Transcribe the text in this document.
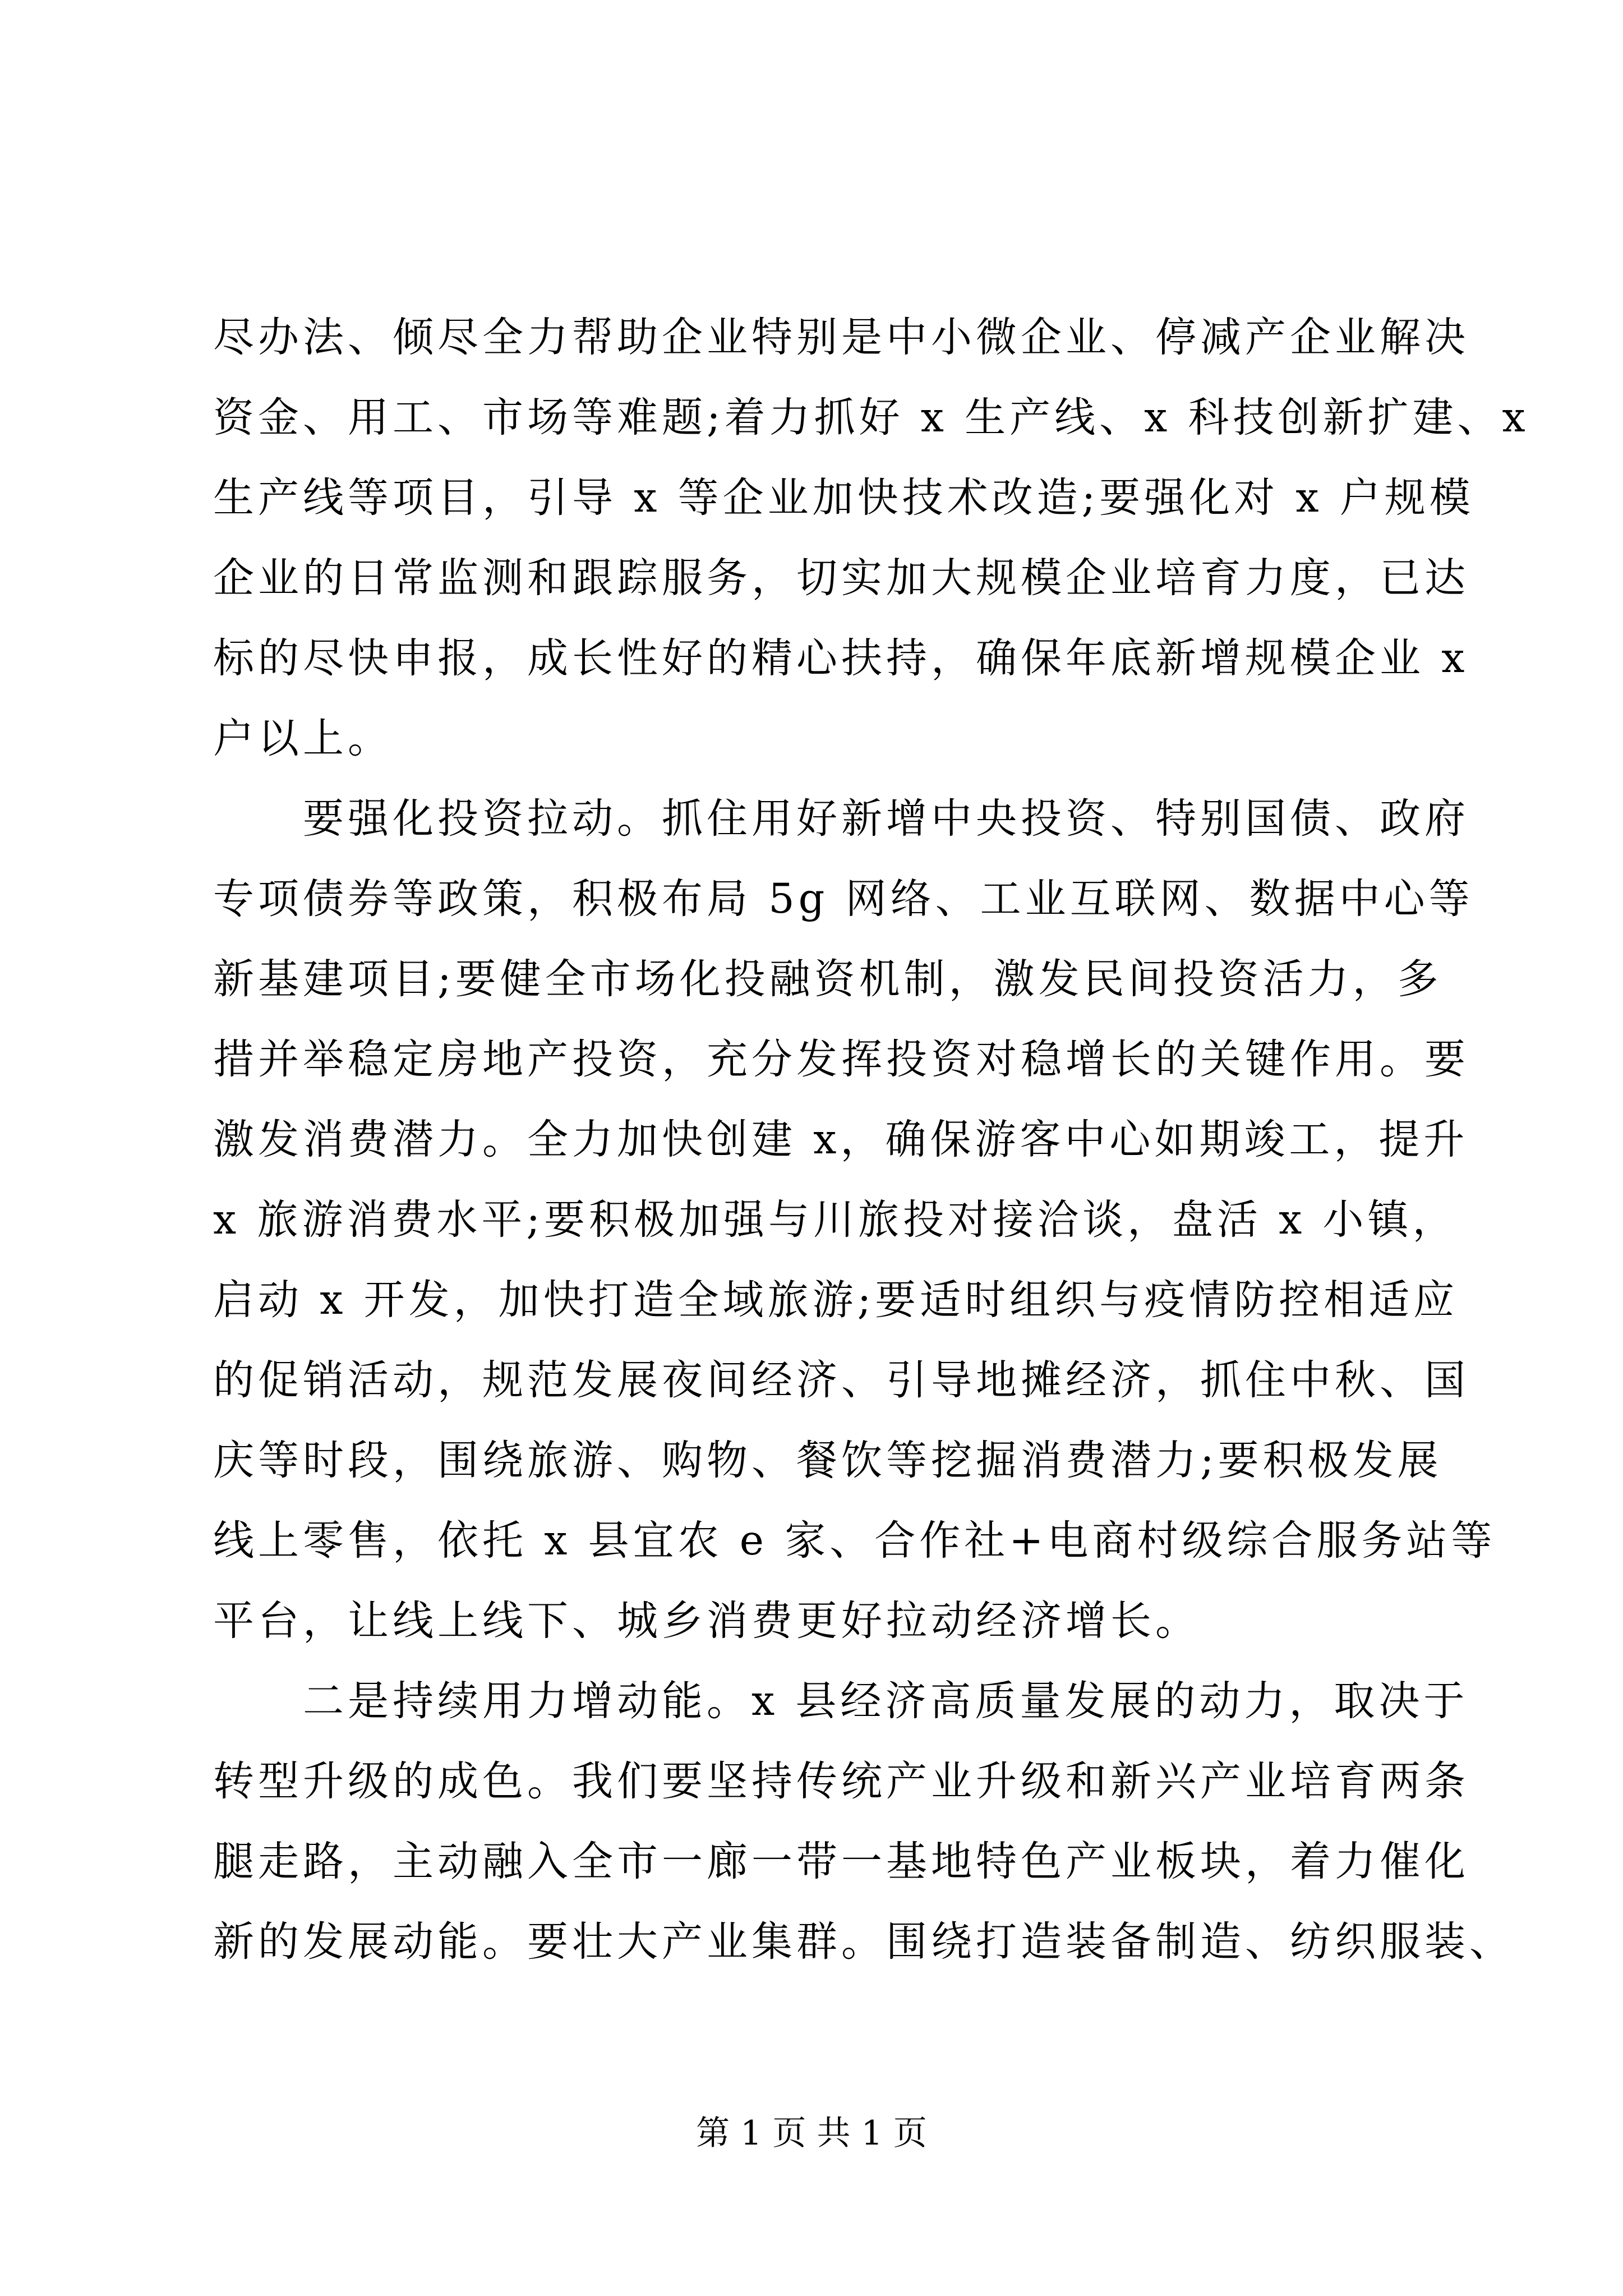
尽办法、倾尽全力帮助企业特别是中小微企业、停减产企业解决
资金、用工、市场等难题;着力抓好 x 生产线、x 科技创新扩建、x
生产线等项目，引导 x 等企业加快技术改造;要强化对 x 户规模
企业的日常监测和跟踪服务，切实加大规模企业培育力度，已达
标的尽快申报，成长性好的精心扶持，确保年底新增规模企业 x
户以上。
　　要强化投资拉动。抓住用好新增中央投资、特别国债、政府
专项债券等政策，积极布局 5g 网络、工业互联网、数据中心等
新基建项目;要健全市场化投融资机制，激发民间投资活力，多
措并举稳定房地产投资，充分发挥投资对稳增长的关键作用。要
激发消费潜力。全力加快创建 x，确保游客中心如期竣工，提升
x 旅游消费水平;要积极加强与川旅投对接洽谈，盘活 x 小镇，
启动 x 开发，加快打造全域旅游;要适时组织与疫情防控相适应
的促销活动，规范发展夜间经济、引导地摊经济，抓住中秋、国
庆等时段，围绕旅游、购物、餐饮等挖掘消费潜力;要积极发展
线上零售，依托 x 县宜农 e 家、合作社+电商村级综合服务站等
平台，让线上线下、城乡消费更好拉动经济增长。
　　二是持续用力增动能。x 县经济高质量发展的动力，取决于
转型升级的成色。我们要坚持传统产业升级和新兴产业培育两条
腿走路，主动融入全市一廊一带一基地特色产业板块，着力催化
新的发展动能。要壮大产业集群。围绕打造装备制造、纺织服装、
第 1 页 共 1 页
